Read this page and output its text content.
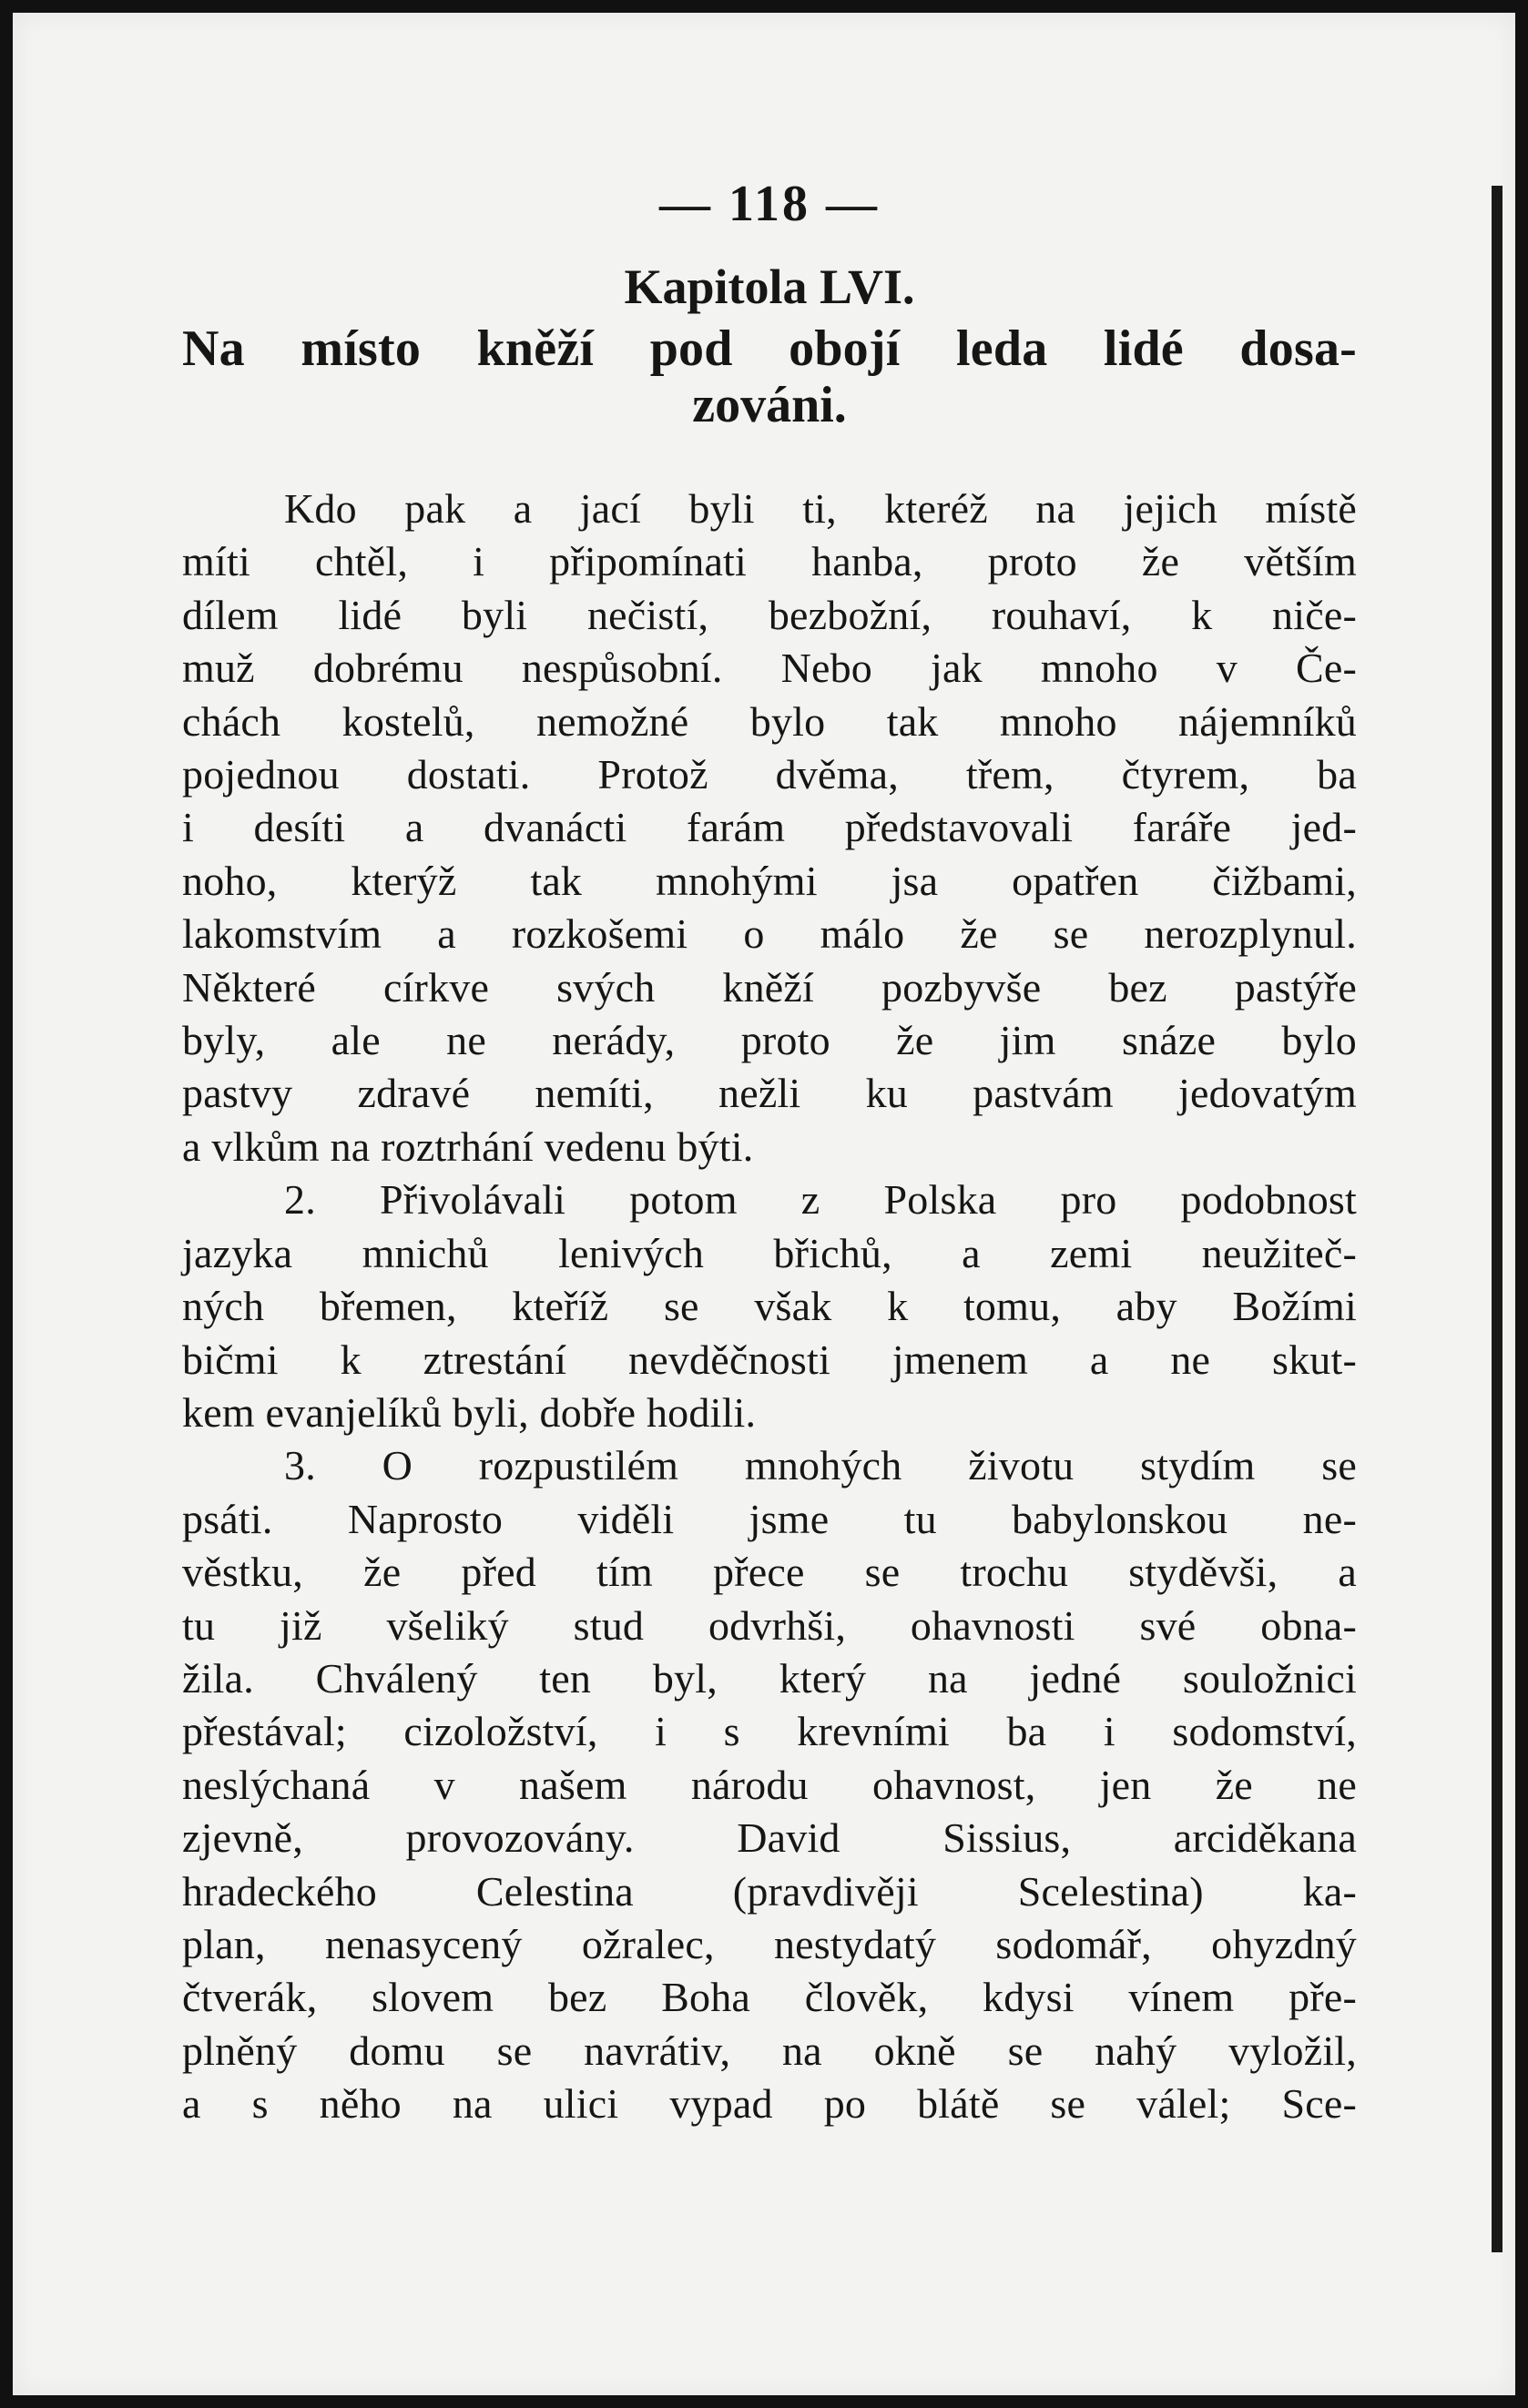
— 118 —
Kapitola LVI.
Na místo kněží pod obojí leda lidé dosa-
zováni.
Kdo pak a jací byli ti, kteréž na jejich místě
míti chtěl, i připomínati hanba, proto že větším
dílem lidé byli nečistí, bezbožní, rouhaví, k niče-
muž dobrému nespůsobní. Nebo jak mnoho v Če-
chách kostelů, nemožné bylo tak mnoho nájemníků
pojednou dostati. Protož dvěma, třem, čtyrem, ba
i desíti a dvanácti farám představovali faráře jed-
noho, kterýž tak mnohými jsa opatřen čižbami,
lakomstvím a rozkošemi o málo že se nerozplynul.
Některé církve svých kněží pozbyvše bez pastýře
byly, ale ne nerády, proto že jim snáze bylo
pastvy zdravé nemíti, nežli ku pastvám jedovatým
a vlkům na roztrhání vedenu býti.
2. Přivolávali potom z Polska pro podobnost
jazyka mnichů lenivých břichů, a zemi neužiteč-
ných břemen, kteříž se však k tomu, aby Božími
bičmi k ztrestání nevděčnosti jmenem a ne skut-
kem evanjelíků byli, dobře hodili.
3. O rozpustilém mnohých životu stydím se
psáti. Naprosto viděli jsme tu babylonskou ne-
věstku, že před tím přece se trochu styděvši, a
tu již všeliký stud odvrhši, ohavnosti své obna-
žila. Chválený ten byl, který na jedné souložnici
přestával; cizoložství, i s krevními ba i sodomství,
neslýchaná v našem národu ohavnost, jen že ne
zjevně, provozovány. David Sissius, arciděkana
hradeckého Celestina (pravdivěji Scelestina) ka-
plan, nenasycený ožralec, nestydatý sodomář, ohyzdný
čtverák, slovem bez Boha člověk, kdysi vínem pře-
plněný domu se navrátiv, na okně se nahý vyložil,
a s něho na ulici vypad po blátě se válel; Sce-
